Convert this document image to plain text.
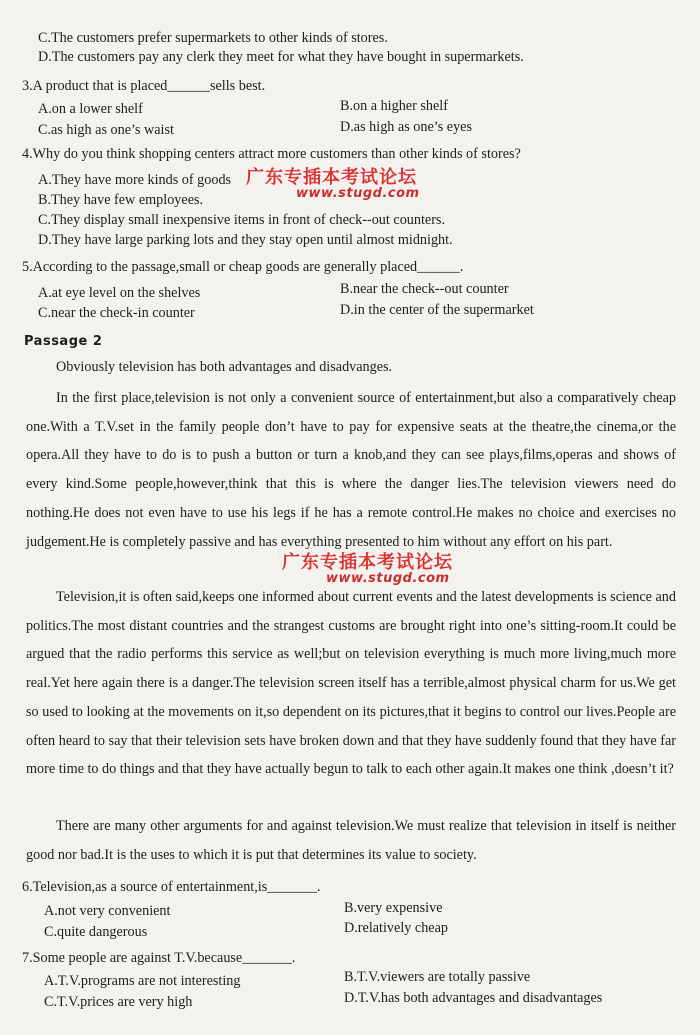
C.The customers prefer supermarkets to other kinds of stores.
D.The customers pay any clerk they meet for what they have bought in supermarkets.
3.A product that is placed______sells best.
A.on a lower shelf	B.on a higher shelf
C.as high as one’s waist	D.as high as one’s eyes
4.Why do you think shopping centers attract more customers than other kinds of stores?
A.They have more kinds of goods
B.They have few employees.
C.They display small inexpensive items in front of check--out counters.
D.They have large parking lots and they stay open until almost midnight.
5.According to the passage,small or cheap goods are generally placed______.
A.at eye level on the shelves	B.near the check--out counter
C.near the check-in counter	D.in the center of the supermarket
Passage 2
Obviously television has both advantages and disadvanges.
In the first place,television is not only a convenient source of entertainment,but also a comparatively cheap one.With a T.V.set in the family people don’t have to pay for expensive seats at the theatre,the cinema,or the opera.All they have to do is to push a button or turn a knob,and they can see plays,films,operas and shows of every kind.Some people,however,think that this is where the danger lies.The television viewers need do nothing.He does not even have to use his legs if he has a remote control.He makes no choice and exercises no judgement.He is completely passive and has everything presented to him without any effort on his part.
Television,it is often said,keeps one informed about current events and the latest developments is science and politics.The most distant countries and the strangest customs are brought right into one’s sitting-room.It could be argued that the radio performs this service as well;but on television everything is much more living,much more real.Yet here again there is a danger.The television screen itself has a terrible,almost physical charm for us.We get so used to looking at the movements on it,so dependent on its pictures,that it begins to control our lives.People are often heard to say that their television sets have broken down and that they have suddenly found that they have far more time to do things and that they have actually begun to talk to each other again.It makes one think ,doesn’t it?
There are many other arguments for and against television.We must realize that television in itself is neither good nor bad.It is the uses to which it is put that determines its value to society.
6.Television,as a source of entertainment,is_______.
A.not very convenient	B.very expensive
C.quite dangerous	D.relatively cheap
7.Some people are against T.V.because_______.
A.T.V.programs are not interesting	B.T.V.viewers are totally passive
C.T.V.prices are very high	D.T.V.has both advantages and disadvantages
广东专插本考试论坛
www.stugd.com
广东专插本考试论坛
www.stugd.com
